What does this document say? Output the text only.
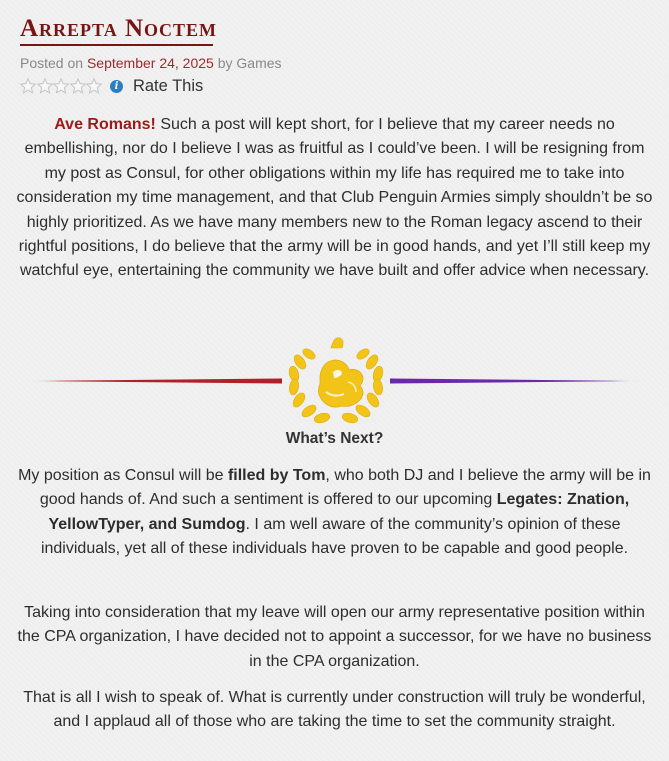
Arrepta Noctem
Posted on September 24, 2025 by Games
i Rate This

Ave Romans! Such a post will kept short, for I believe that my career needs no embellishing, nor do I believe I was as fruitful as I could’ve been. I will be resigning from my post as Consul, for other obligations within my life has required me to take into consideration my time management, and that Club Penguin Armies simply shouldn’t be so highly prioritized. As we have many members new to the Roman legacy ascend to their rightful positions, I do believe that the army will be in good hands, and yet I’ll still keep my watchful eye, entertaining the community we have built and offer advice when necessary.

What’s Next?

My position as Consul will be filled by Tom, who both DJ and I believe the army will be in good hands of. And such a sentiment is offered to our upcoming Legates: Znation, YellowTyper, and Sumdog. I am well aware of the community’s opinion of these individuals, yet all of these individuals have proven to be capable and good people.

Taking into consideration that my leave will open our army representative position within the CPA organization, I have decided not to appoint a successor, for we have no business in the CPA organization.

That is all I wish to speak of. What is currently under construction will truly be wonderful, and I applaud all of those who are taking the time to set the community straight.
